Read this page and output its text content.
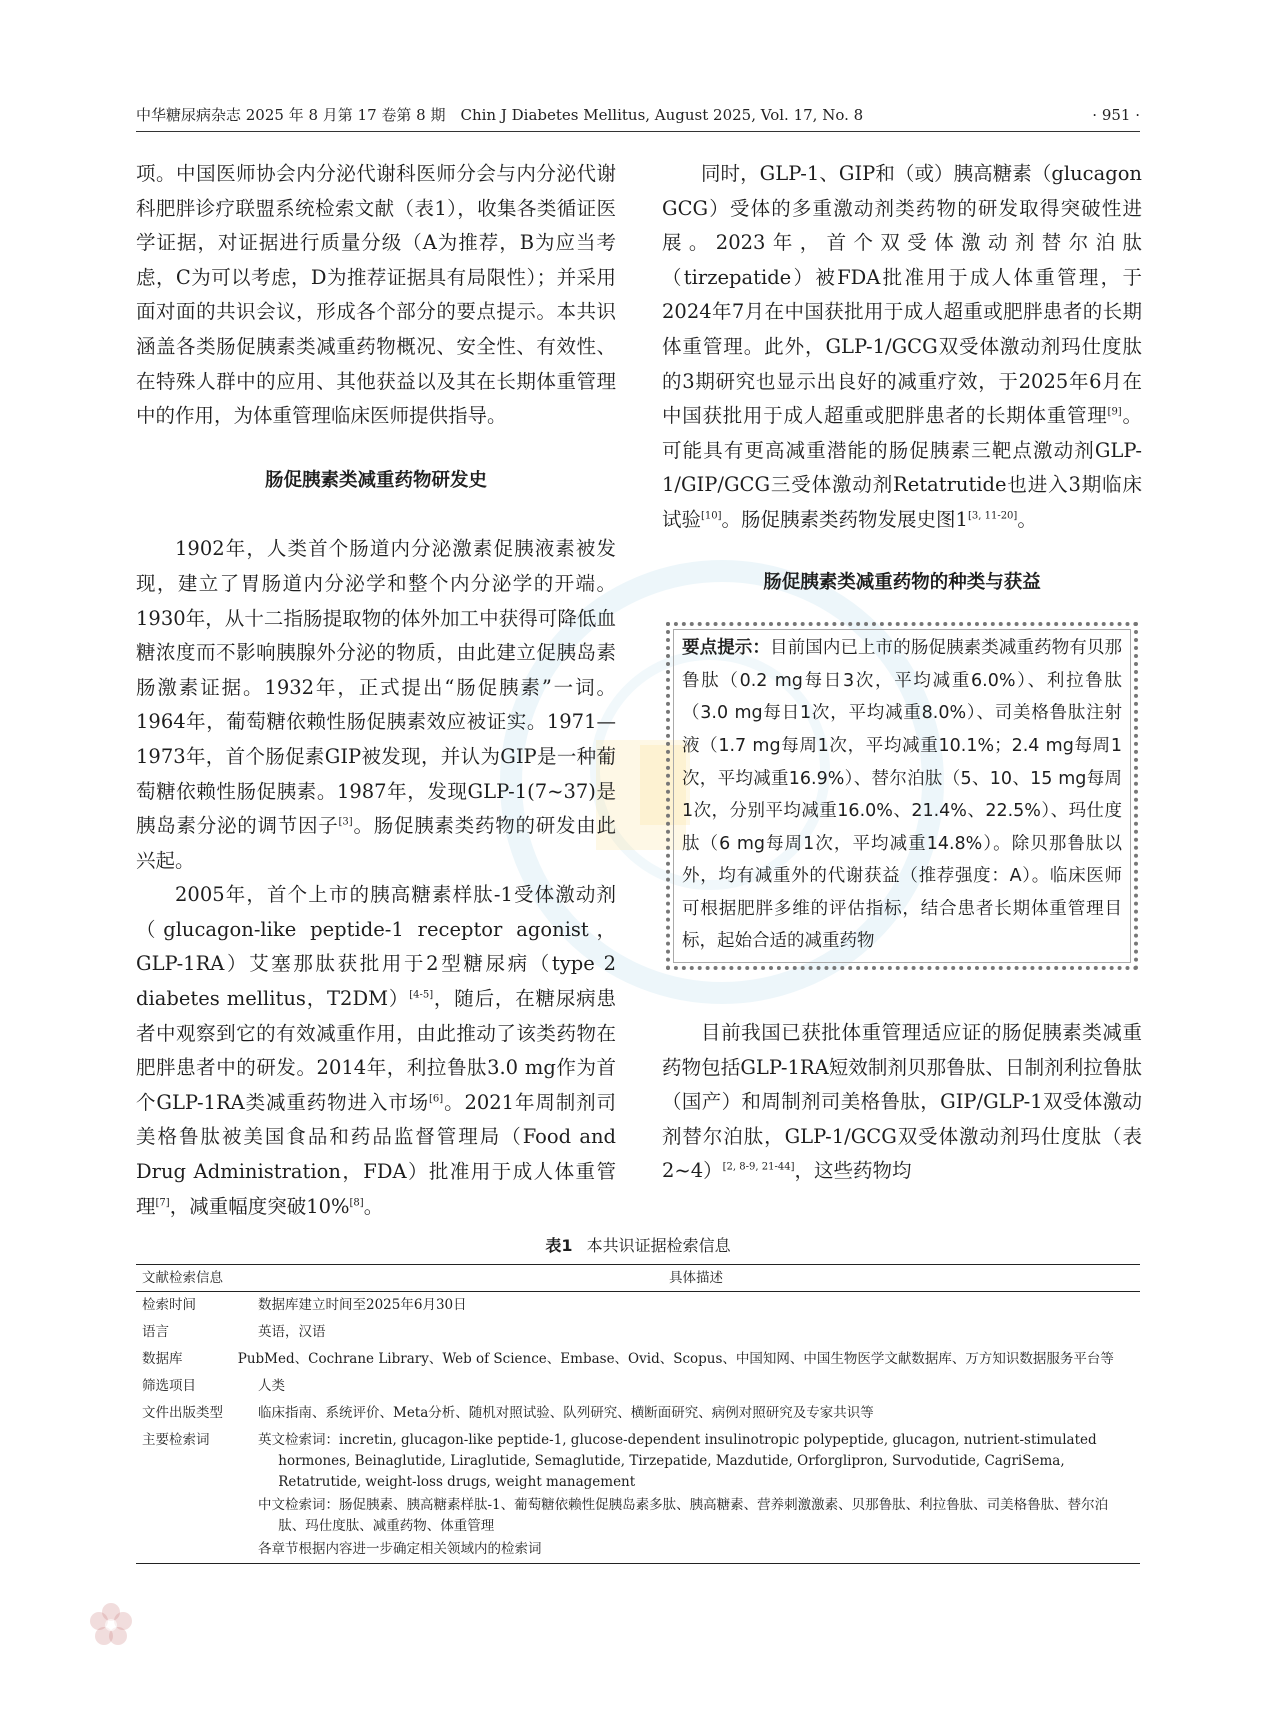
中华糖尿病杂志 2025 年 8 月第 17 卷第 8 期　Chin J Diabetes Mellitus, August 2025, Vol. 17, No. 8	· 951 ·

项。中国医师协会内分泌代谢科医师分会与内分泌代谢科肥胖诊疗联盟系统检索文献（表1），收集各类循证医学证据，对证据进行质量分级（A为推荐，B为应当考虑，C为可以考虑，D为推荐证据具有局限性）；并采用面对面的共识会议，形成各个部分的要点提示。本共识涵盖各类肠促胰素类减重药物概况、安全性、有效性、在特殊人群中的应用、其他获益以及其在长期体重管理中的作用，为体重管理临床医师提供指导。

肠促胰素类减重药物研发史

1902年，人类首个肠道内分泌激素促胰液素被发现，建立了胃肠道内分泌学和整个内分泌学的开端。1930年，从十二指肠提取物的体外加工中获得可降低血糖浓度而不影响胰腺外分泌的物质，由此建立促胰岛素肠激素证据。1932年，正式提出“肠促胰素”一词。1964年，葡萄糖依赖性肠促胰素效应被证实。1971—1973年，首个肠促素GIP被发现，并认为GIP是一种葡萄糖依赖性肠促胰素。1987年，发现GLP-1(7~37)是胰岛素分泌的调节因子[3]。肠促胰素类药物的研发由此兴起。

2005年，首个上市的胰高糖素样肽-1受体激动剂（glucagon-like peptide-1 receptor agonist，GLP-1RA）艾塞那肽获批用于2型糖尿病（type 2 diabetes mellitus，T2DM）[4-5]，随后，在糖尿病患者中观察到它的有效减重作用，由此推动了该类药物在肥胖患者中的研发。2014年，利拉鲁肽3.0 mg作为首个GLP-1RA类减重药物进入市场[6]。2021年周制剂司美格鲁肽被美国食品和药品监督管理局（Food and Drug Administration，FDA）批准用于成人体重管理[7]，减重幅度突破10%[8]。

同时，GLP-1、GIP和（或）胰高糖素（glucagon GCG）受体的多重激动剂类药物的研发取得突破性进展。2023年，首个双受体激动剂替尔泊肽（tirzepatide）被FDA批准用于成人体重管理，于2024年7月在中国获批用于成人超重或肥胖患者的长期体重管理。此外，GLP-1/GCG双受体激动剂玛仕度肽的3期研究也显示出良好的减重疗效，于2025年6月在中国获批用于成人超重或肥胖患者的长期体重管理[9]。可能具有更高减重潜能的肠促胰素三靶点激动剂GLP-1/GIP/GCG三受体激动剂Retatrutide也进入3期临床试验[10]。肠促胰素类药物发展史图1[3, 11-20]。

肠促胰素类减重药物的种类与获益

要点提示：目前国内已上市的肠促胰素类减重药物有贝那鲁肽（0.2 mg每日3次，平均减重6.0%）、利拉鲁肽（3.0 mg每日1次，平均减重8.0%）、司美格鲁肽注射液（1.7 mg每周1次，平均减重10.1%；2.4 mg每周1次，平均减重16.9%）、替尔泊肽（5、10、15 mg每周1次，分别平均减重16.0%、21.4%、22.5%）、玛仕度肽（6 mg每周1次，平均减重14.8%）。除贝那鲁肽以外，均有减重外的代谢获益（推荐强度：A）。临床医师可根据肥胖多维的评估指标，结合患者长期体重管理目标，起始合适的减重药物

目前我国已获批体重管理适应证的肠促胰素类减重药物包括GLP-1RA短效制剂贝那鲁肽、日制剂利拉鲁肽（国产）和周制剂司美格鲁肽，GIP/GLP-1双受体激动剂替尔泊肽，GLP-1/GCG双受体激动剂玛仕度肽（表2~4）[2, 8-9, 21-44]，这些药物均

表1 本共识证据检索信息
文献检索信息	具体描述
检索时间	数据库建立时间至2025年6月30日
语言	英语，汉语
数据库	PubMed、Cochrane Library、Web of Science、Embase、Ovid、Scopus、中国知网、中国生物医学文献数据库、万方知识数据服务平台等
筛选项目	人类
文件出版类型	临床指南、系统评价、Meta分析、随机对照试验、队列研究、横断面研究、病例对照研究及专家共识等
主要检索词	英文检索词：incretin, glucagon-like peptide-1, glucose-dependent insulinotropic polypeptide, glucagon, nutrient-stimulated hormones, Beinaglutide, Liraglutide, Semaglutide, Tirzepatide, Mazdutide, Orforglipron, Survodutide, CagriSema, Retatrutide, weight-loss drugs, weight management
中文检索词：肠促胰素、胰高糖素样肽-1、葡萄糖依赖性促胰岛素多肽、胰高糖素、营养刺激激素、贝那鲁肽、利拉鲁肽、司美格鲁肽、替尔泊肽、玛仕度肽、减重药物、体重管理
各章节根据内容进一步确定相关领域内的检索词
